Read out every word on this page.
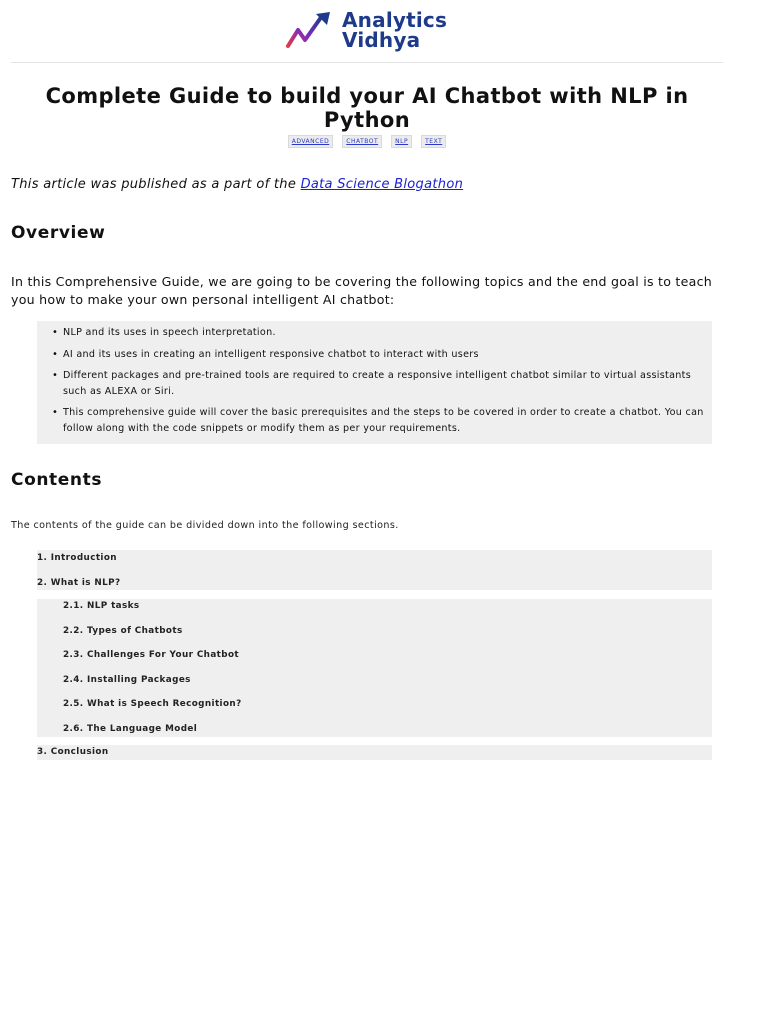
Analytics
Vidhya
Complete Guide to build your AI Chatbot with NLP in Python
ADVANCED	CHATBOT	NLP	TEXT
This article was published as a part of the Data Science Blogathon
Overview
In this Comprehensive Guide, we are going to be covering the following topics and the end goal is to teach you how to make your own personal intelligent AI chatbot:
• NLP and its uses in speech interpretation.
• AI and its uses in creating an intelligent responsive chatbot to interact with users
• Different packages and pre-trained tools are required to create a responsive intelligent chatbot similar to virtual assistants such as ALEXA or Siri.
• This comprehensive guide will cover the basic prerequisites and the steps to be covered in order to create a chatbot. You can follow along with the code snippets or modify them as per your requirements.
Contents
The contents of the guide can be divided down into the following sections.
1. Introduction
2. What is NLP?
2.1. NLP tasks
2.2. Types of Chatbots
2.3. Challenges For Your Chatbot
2.4. Installing Packages
2.5. What is Speech Recognition?
2.6. The Language Model
3. Conclusion
